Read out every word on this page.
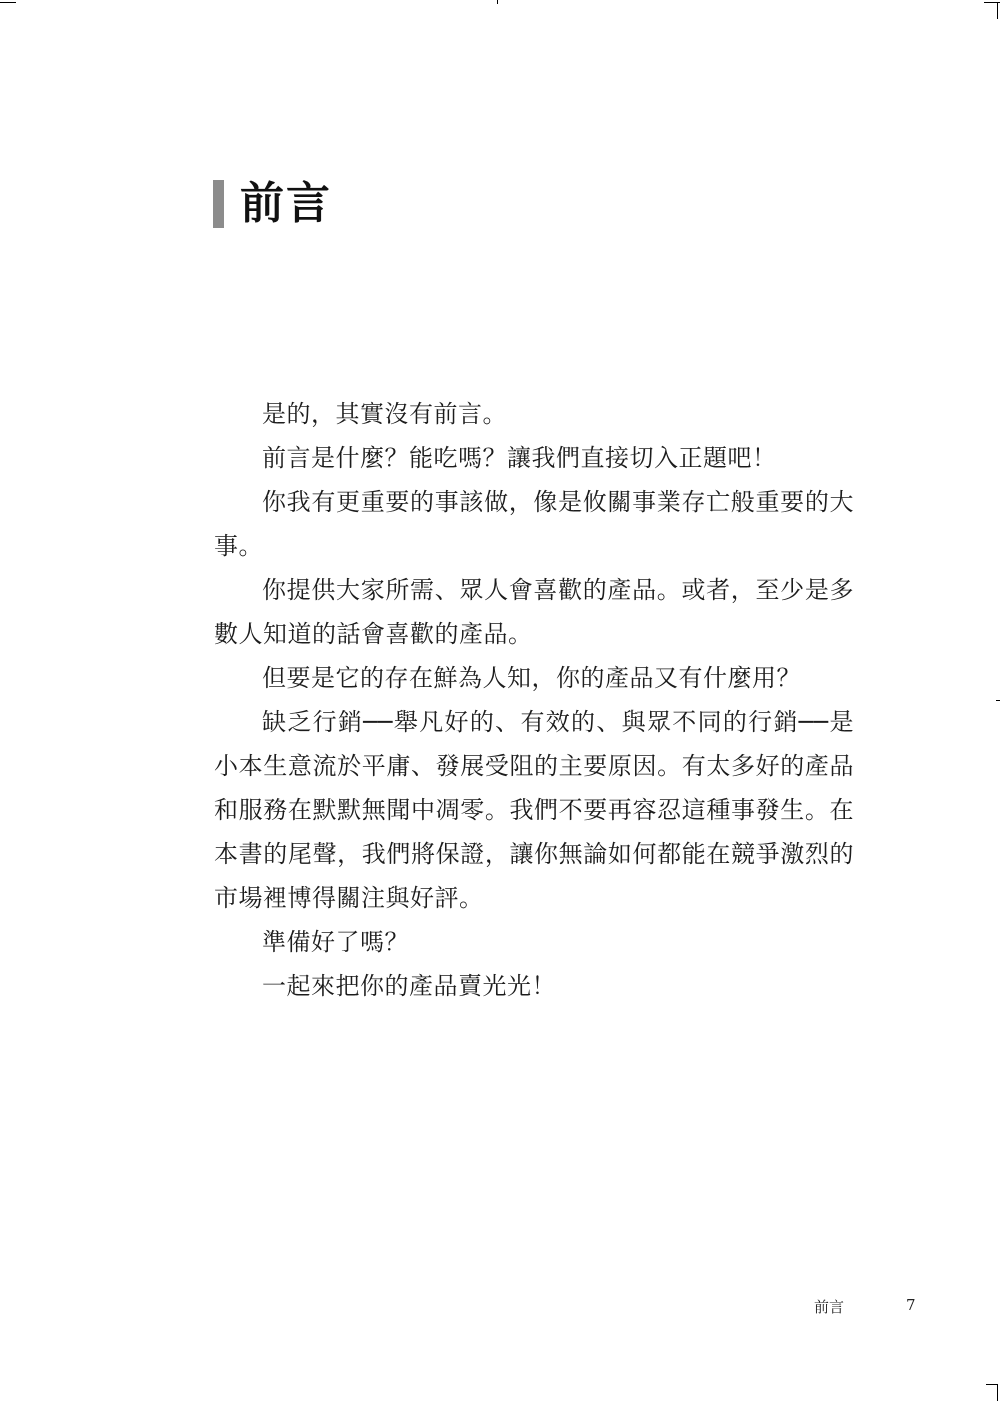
前言

是的，其實沒有前言。

前言是什麼？能吃嗎？讓我們直接切入正題吧！

你我有更重要的事該做，像是攸關事業存亡般重要的大事。

你提供大家所需、眾人會喜歡的產品。或者，至少是多數人知道的話會喜歡的產品。

但要是它的存在鮮為人知，你的產品又有什麼用？

缺乏行銷──舉凡好的、有效的、與眾不同的行銷──是小本生意流於平庸、發展受阻的主要原因。有太多好的產品和服務在默默無聞中凋零。我們不要再容忍這種事發生。在本書的尾聲，我們將保證，讓你無論如何都能在競爭激烈的市場裡博得關注與好評。

準備好了嗎？

一起來把你的產品賣光光！

前言	7
